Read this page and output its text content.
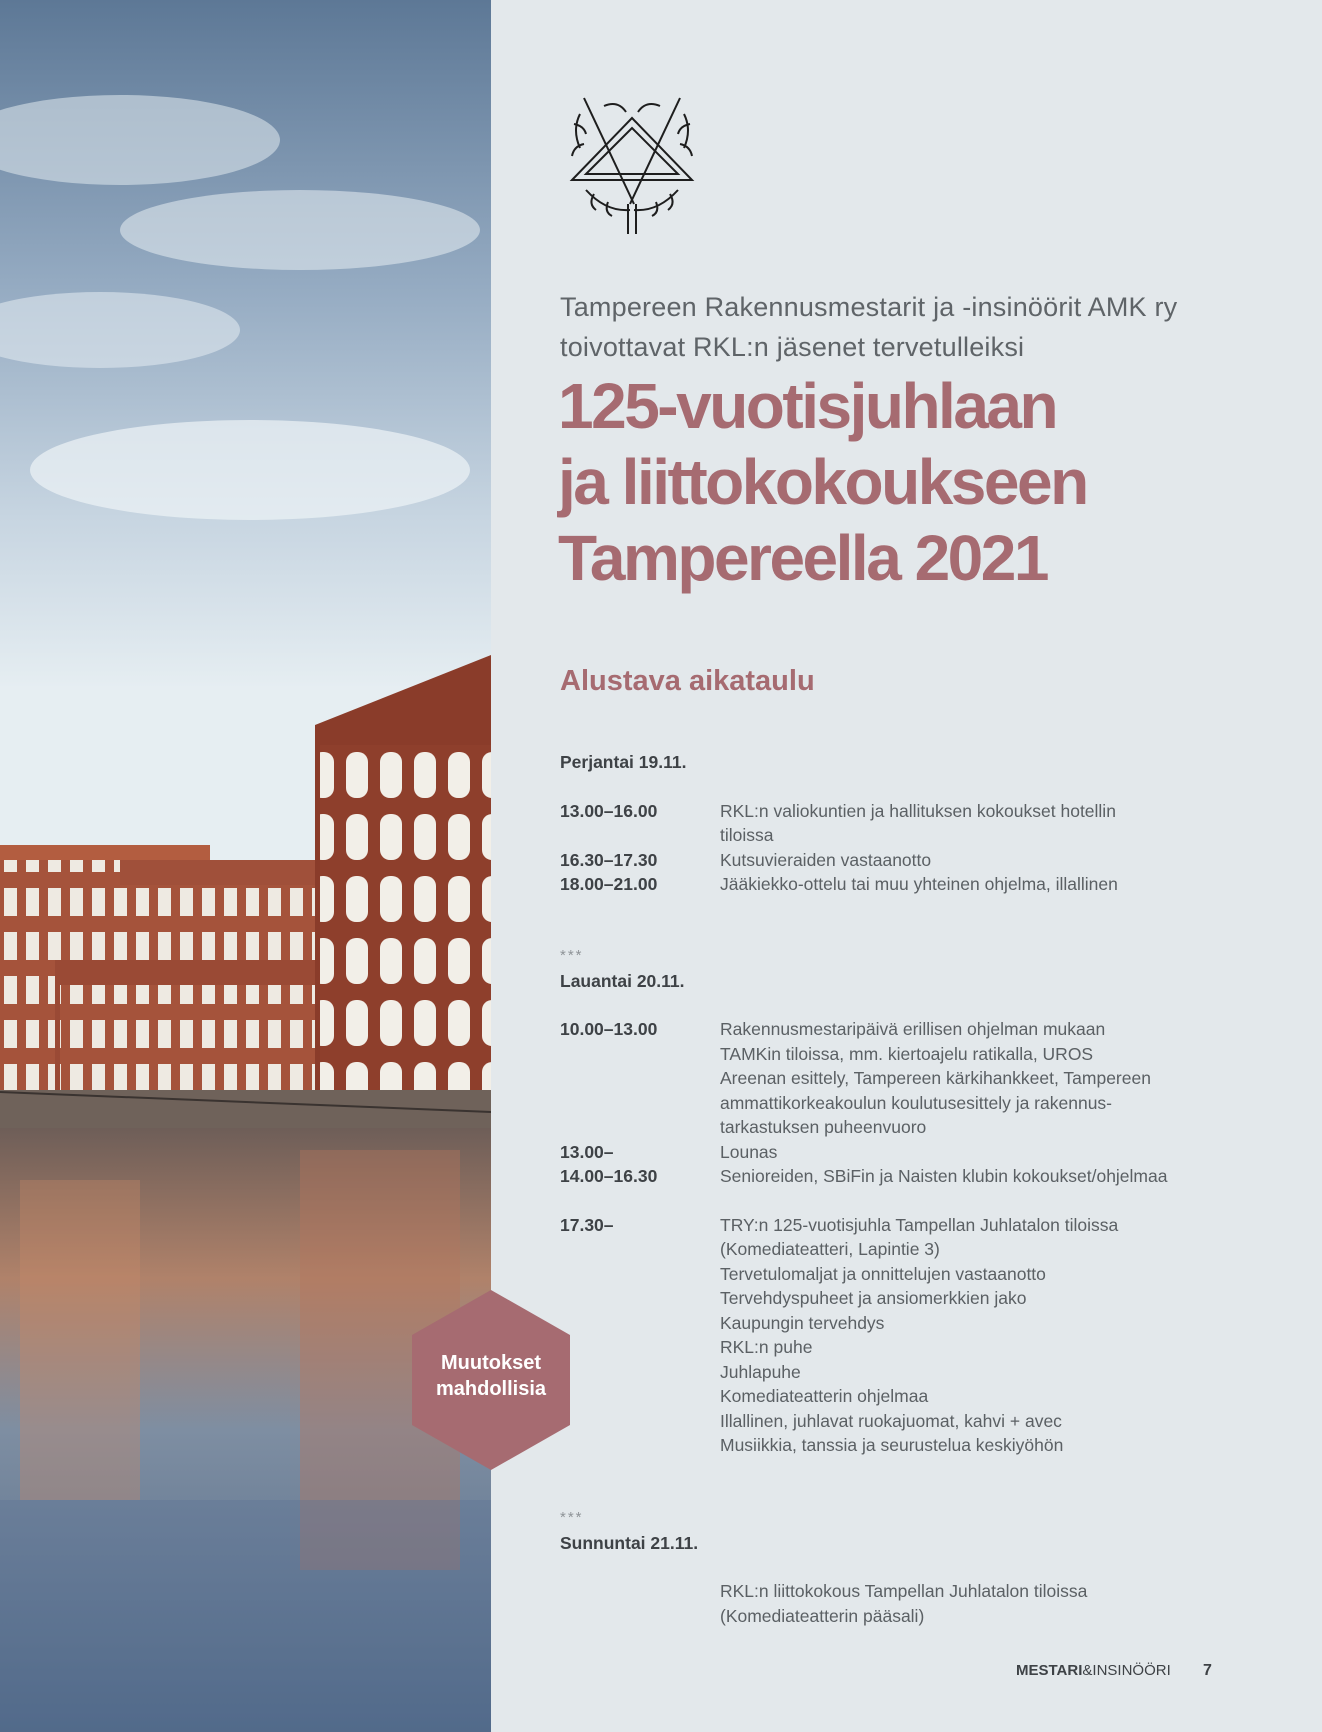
Tampereen Rakennusmestarit ja -insinöörit AMK ry
toivottavat RKL:n jäsenet tervetulleiksi
125-vuotisjuhlaan
ja liittokokoukseen
Tampereella 2021
Alustava aikataulu
Perjantai 19.11.
13.00–16.00	RKL:n valiokuntien ja hallituksen kokoukset hotellin
tiloissa
16.30–17.30	Kutsuvieraiden vastaanotto
18.00–21.00	Jääkiekko-ottelu tai muu yhteinen ohjelma, illallinen
***
Lauantai 20.11.
10.00–13.00	Rakennusmestaripäivä erillisen ohjelman mukaan
TAMKin tiloissa, mm. kiertoajelu ratikalla, UROS
Areenan esittely, Tampereen kärkihankkeet, Tampereen
ammattikorkeakoulun koulutusesittely ja rakennus-
tarkastuksen puheenvuoro
13.00–	Lounas
14.00–16.30	Senioreiden, SBiFin ja Naisten klubin kokoukset/ohjelmaa
17.30–	TRY:n 125-vuotisjuhla Tampellan Juhlatalon tiloissa
(Komediateatteri, Lapintie 3)
Tervetulomaljat ja onnittelujen vastaanotto
Tervehdyspuheet ja ansiomerkkien jako
Kaupungin tervehdys
RKL:n puhe
Juhlapuhe
Komediateatterin ohjelmaa
Illallinen, juhlavat ruokajuomat, kahvi + avec
Musiikkia, tanssia ja seurustelua keskiyöhön
***
Sunnuntai 21.11.
RKL:n liittokokous Tampellan Juhlatalon tiloissa
(Komediateatterin pääsali)
Muutokset
mahdollisia
MESTARI&INSINÖÖRI 7
